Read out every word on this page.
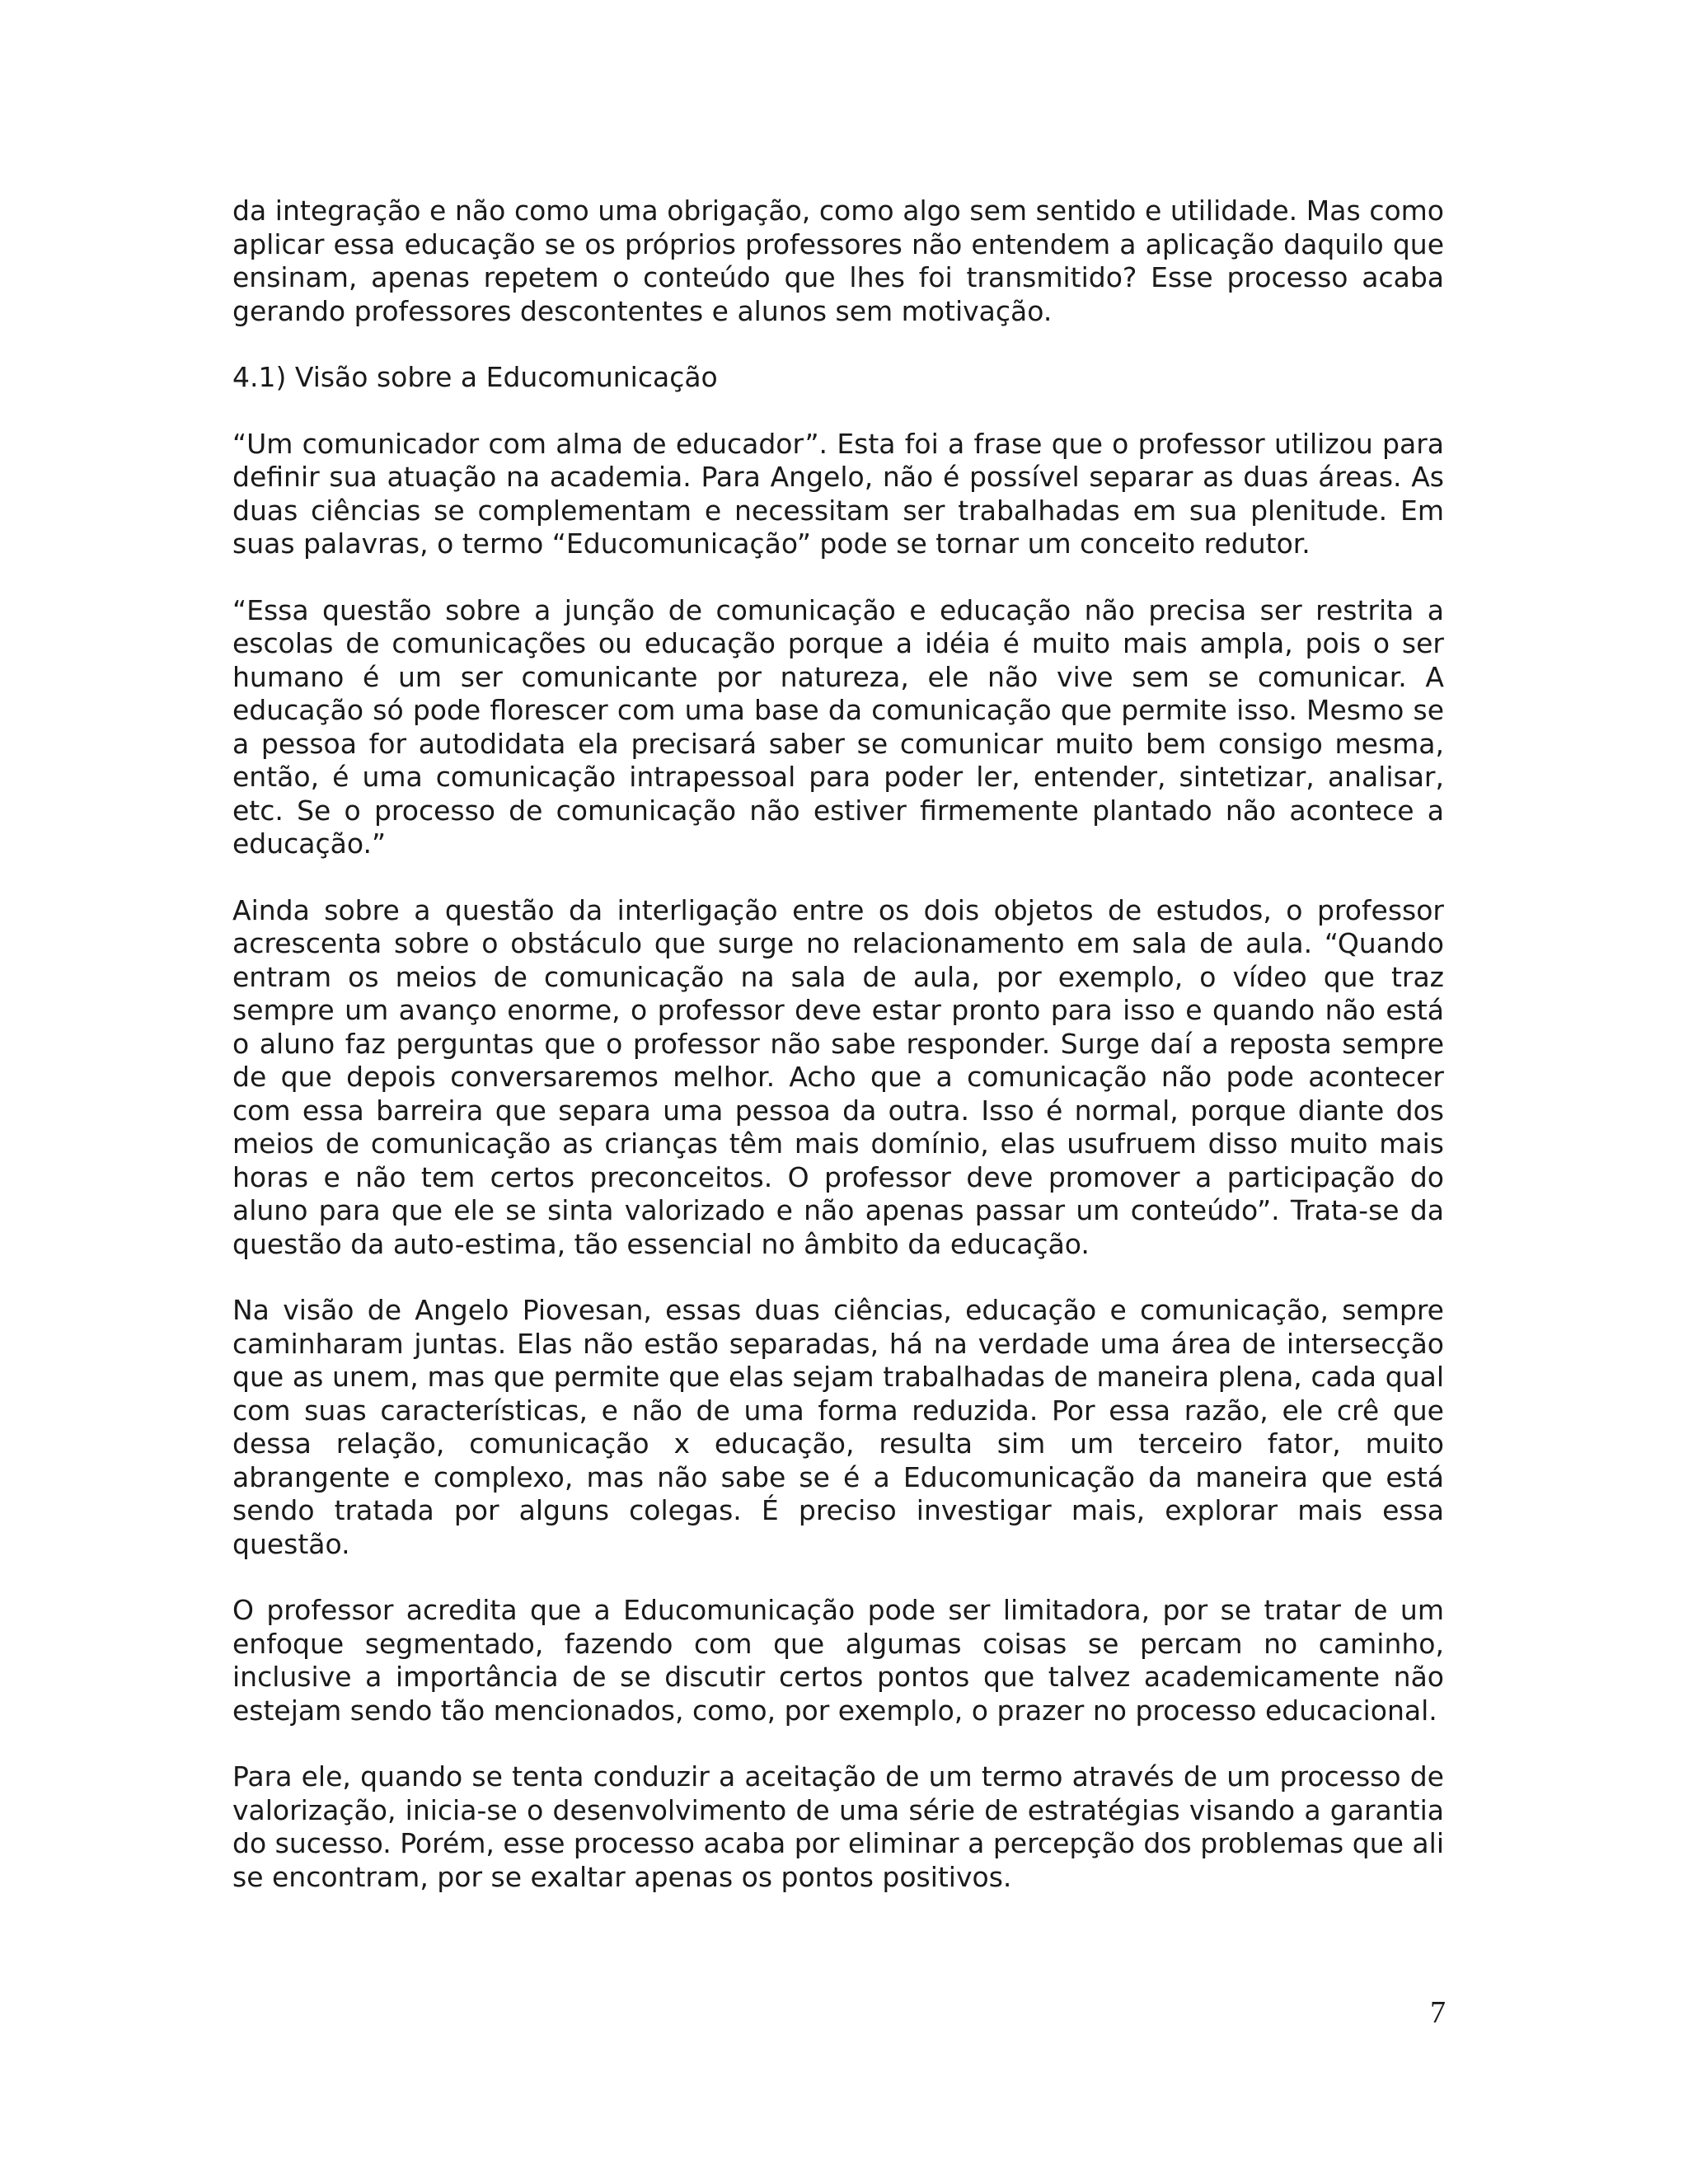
da integração e não como uma obrigação, como algo sem sentido e utilidade. Mas como aplicar essa educação se os próprios professores não entendem a aplicação daquilo que ensinam, apenas repetem o conteúdo que lhes foi transmitido? Esse processo acaba gerando professores descontentes e alunos sem motivação.

4.1) Visão sobre a Educomunicação

“Um comunicador com alma de educador”. Esta foi a frase que o professor utilizou para definir sua atuação na academia. Para Angelo, não é possível separar as duas áreas. As duas ciências se complementam e necessitam ser trabalhadas em sua plenitude. Em suas palavras, o termo “Educomunicação” pode se tornar um conceito redutor.

“Essa questão sobre a junção de comunicação e educação não precisa ser restrita a escolas de comunicações ou educação porque a idéia é muito mais ampla, pois o ser humano é um ser comunicante por natureza, ele não vive sem se comunicar. A educação só pode florescer com uma base da comunicação que permite isso. Mesmo se a pessoa for autodidata ela precisará saber se comunicar muito bem consigo mesma, então, é uma comunicação intrapessoal para poder ler, entender, sintetizar, analisar, etc. Se o processo de comunicação não estiver firmemente plantado não acontece a educação.”

Ainda sobre a questão da interligação entre os dois objetos de estudos, o professor acrescenta sobre o obstáculo que surge no relacionamento em sala de aula. “Quando entram os meios de comunicação na sala de aula, por exemplo, o vídeo que traz sempre um avanço enorme, o professor deve estar pronto para isso e quando não está o aluno faz perguntas que o professor não sabe responder. Surge daí a reposta sempre de que depois conversaremos melhor. Acho que a comunicação não pode acontecer com essa barreira que separa uma pessoa da outra. Isso é normal, porque diante dos meios de comunicação as crianças têm mais domínio, elas usufruem disso muito mais horas e não tem certos preconceitos. O professor deve promover a participação do aluno para que ele se sinta valorizado e não apenas passar um conteúdo”. Trata-se da questão da auto-estima, tão essencial no âmbito da educação.

Na visão de Angelo Piovesan, essas duas ciências, educação e comunicação, sempre caminharam juntas. Elas não estão separadas, há na verdade uma área de intersecção que as unem, mas que permite que elas sejam trabalhadas de maneira plena, cada qual com suas características, e não de uma forma reduzida. Por essa razão, ele crê que dessa relação, comunicação x educação, resulta sim um terceiro fator, muito abrangente e complexo, mas não sabe se é a Educomunicação da maneira que está sendo tratada por alguns colegas. É preciso investigar mais, explorar mais essa questão.

O professor acredita que a Educomunicação pode ser limitadora, por se tratar de um enfoque segmentado, fazendo com que algumas coisas se percam no caminho, inclusive a importância de se discutir certos pontos que talvez academicamente não estejam sendo tão mencionados, como, por exemplo, o prazer no processo educacional.

Para ele, quando se tenta conduzir a aceitação de um termo através de um processo de valorização, inicia-se o desenvolvimento de uma série de estratégias visando a garantia do sucesso. Porém, esse processo acaba por eliminar a percepção dos problemas que ali se encontram, por se exaltar apenas os pontos positivos.

7
